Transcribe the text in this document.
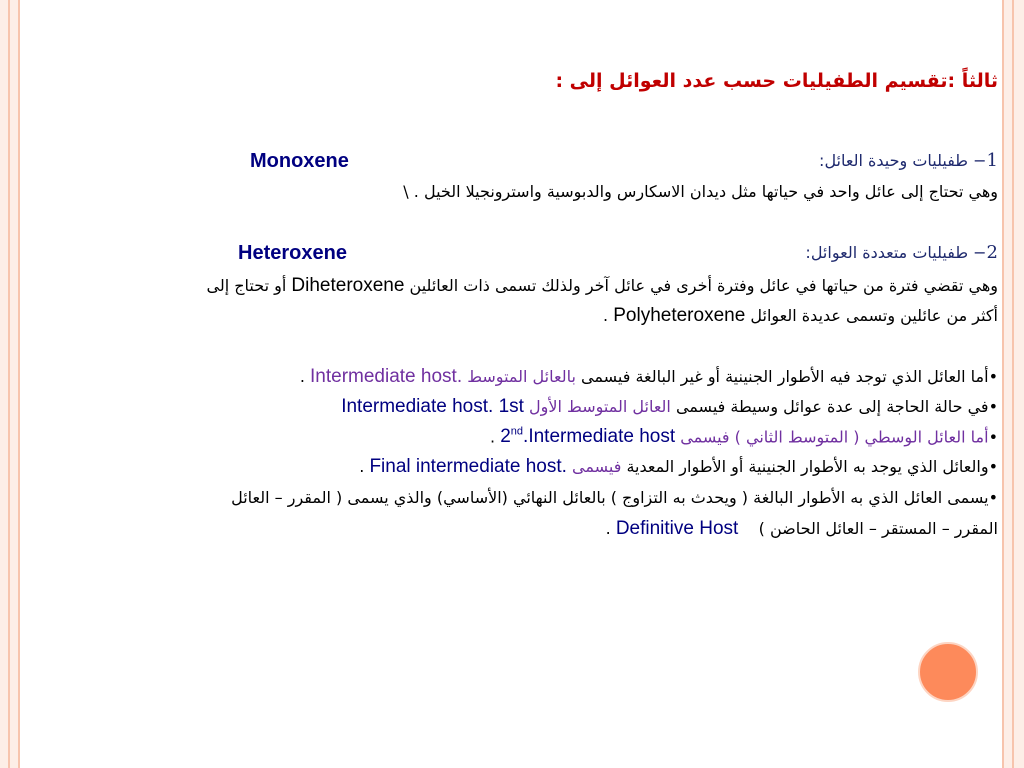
ثالثاً :تقسيم الطفيليات حسب عدد العوائل إلى :
1− طفيليات وحيدة العائل:
Monoxene
وهي تحتاج إلى عائل واحد في حياتها مثل ديدان الاسكارس والدبوسية واسترونجيلا الخيل . \
2− طفيليات متعددة العوائل:
Heteroxene
وهي تقضي فترة من حياتها في عائل وفترة أخرى في عائل آخر ولذلك تسمى ذات العائلين Diheteroxene أو تحتاج إلى
أكثر من عائلين وتسمى عديدة العوائل Polyheteroxene .
•أما العائل الذي توجد فيه الأطوار الجنينية أو غير البالغة فيسمى بالعائل المتوسط Intermediate host. .
•في حالة الحاجة إلى عدة عوائل وسيطة فيسمى العائل المتوسط الأول Intermediate host. 1st
•أما العائل الوسطي ( المتوسط الثاني ) فيسمى 2nd.Intermediate host .
•والعائل الذي يوجد به الأطوار الجنينية أو الأطوار المعدية فيسمى Final intermediate host. .
•يسمى العائل الذي به الأطوار البالغة ( ويحدث به التزاوج ) بالعائل النهائي (الأساسي) والذي يسمى ( المقرر – العائل
المقرر – المستقر – العائل الحاضن )    Definitive Host .
